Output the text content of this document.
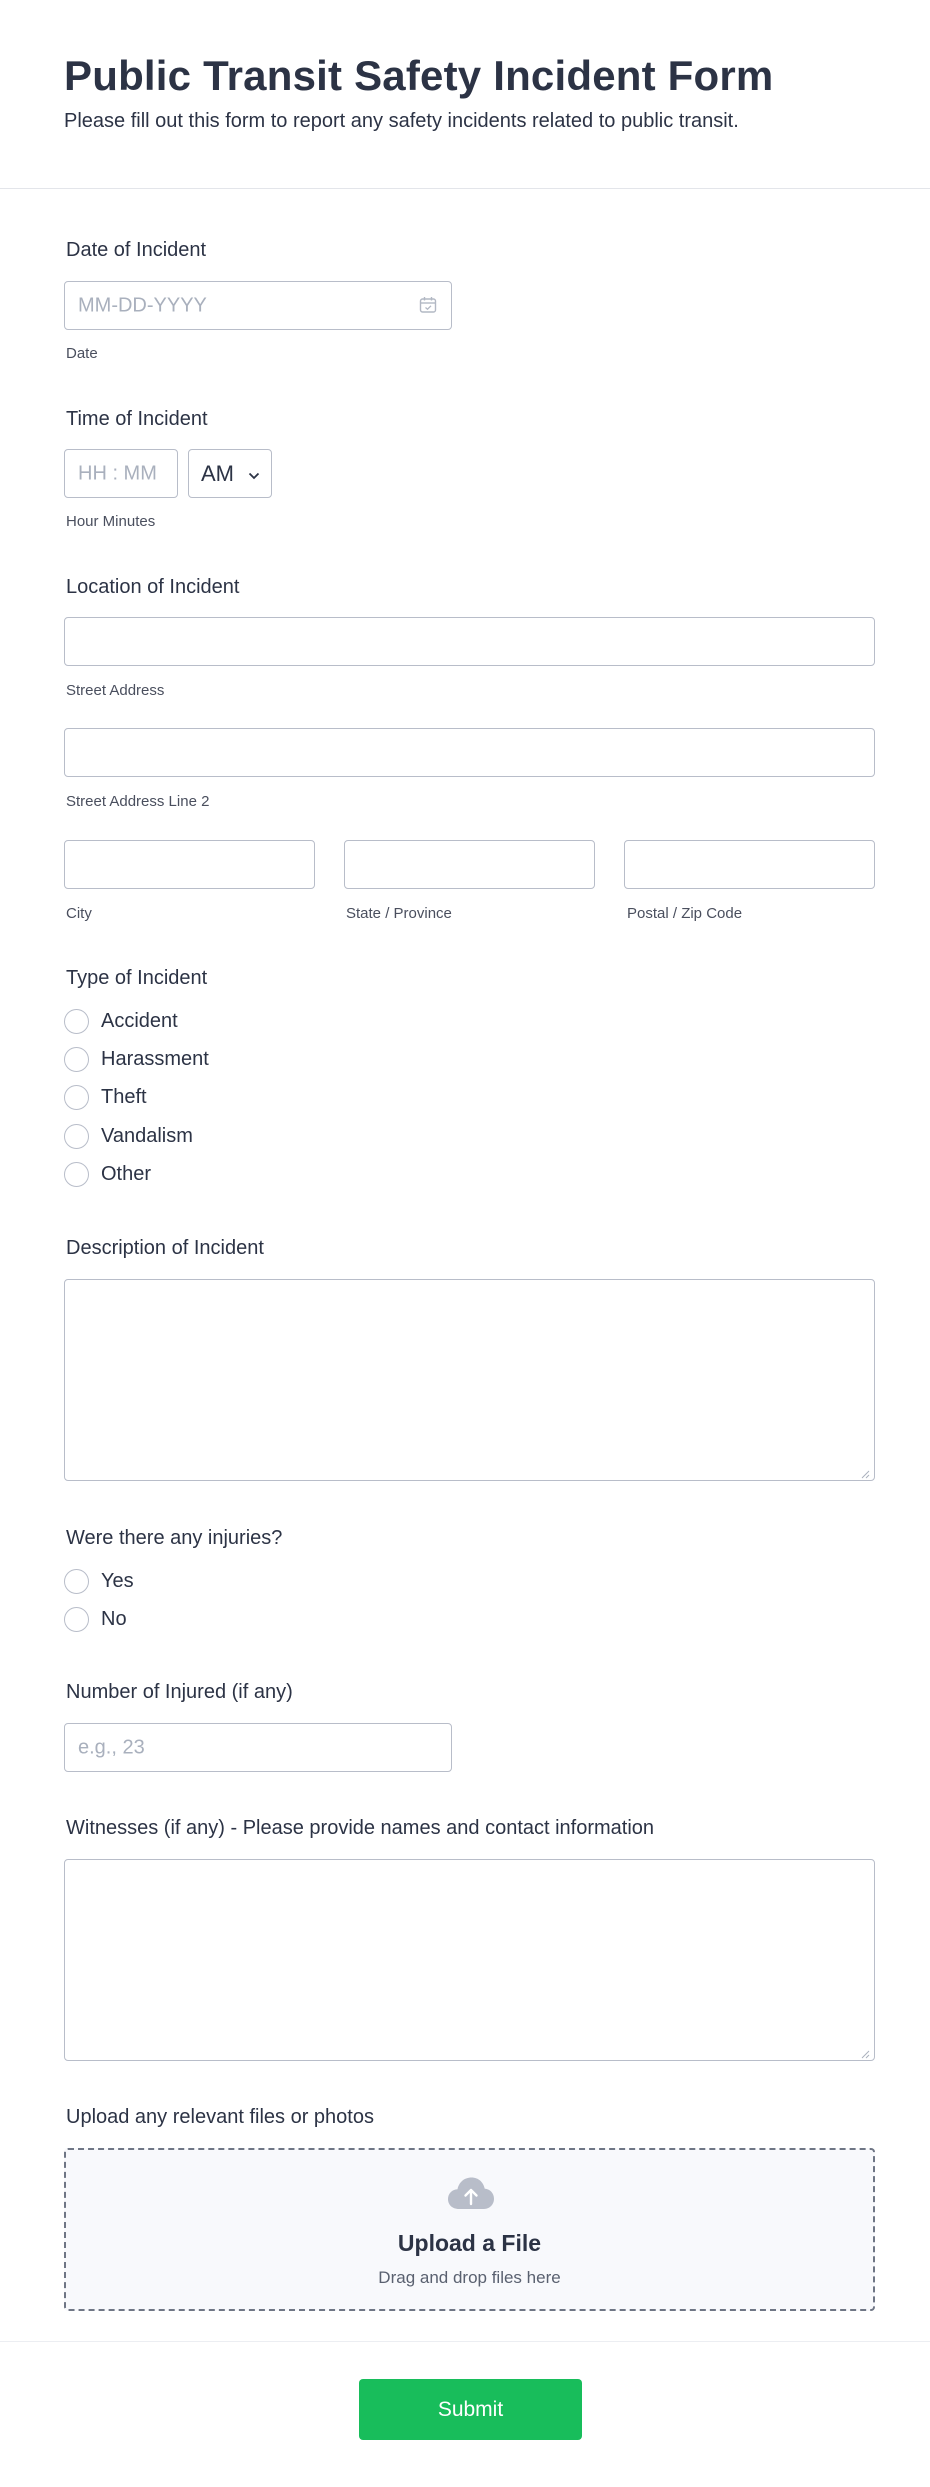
Public Transit Safety Incident Form
Please fill out this form to report any safety incidents related to public transit.
Date of Incident
MM-DD-YYYY
Date
Time of Incident
HH : MM AM
Hour Minutes
Location of Incident
Street Address
Street Address Line 2
City	State / Province	Postal / Zip Code
Type of Incident
Accident
Harassment
Theft
Vandalism
Other
Description of Incident
Were there any injuries?
Yes
No
Number of Injured (if any)
e.g., 23
Witnesses (if any) - Please provide names and contact information
Upload any relevant files or photos
Upload a File
Drag and drop files here
Submit
